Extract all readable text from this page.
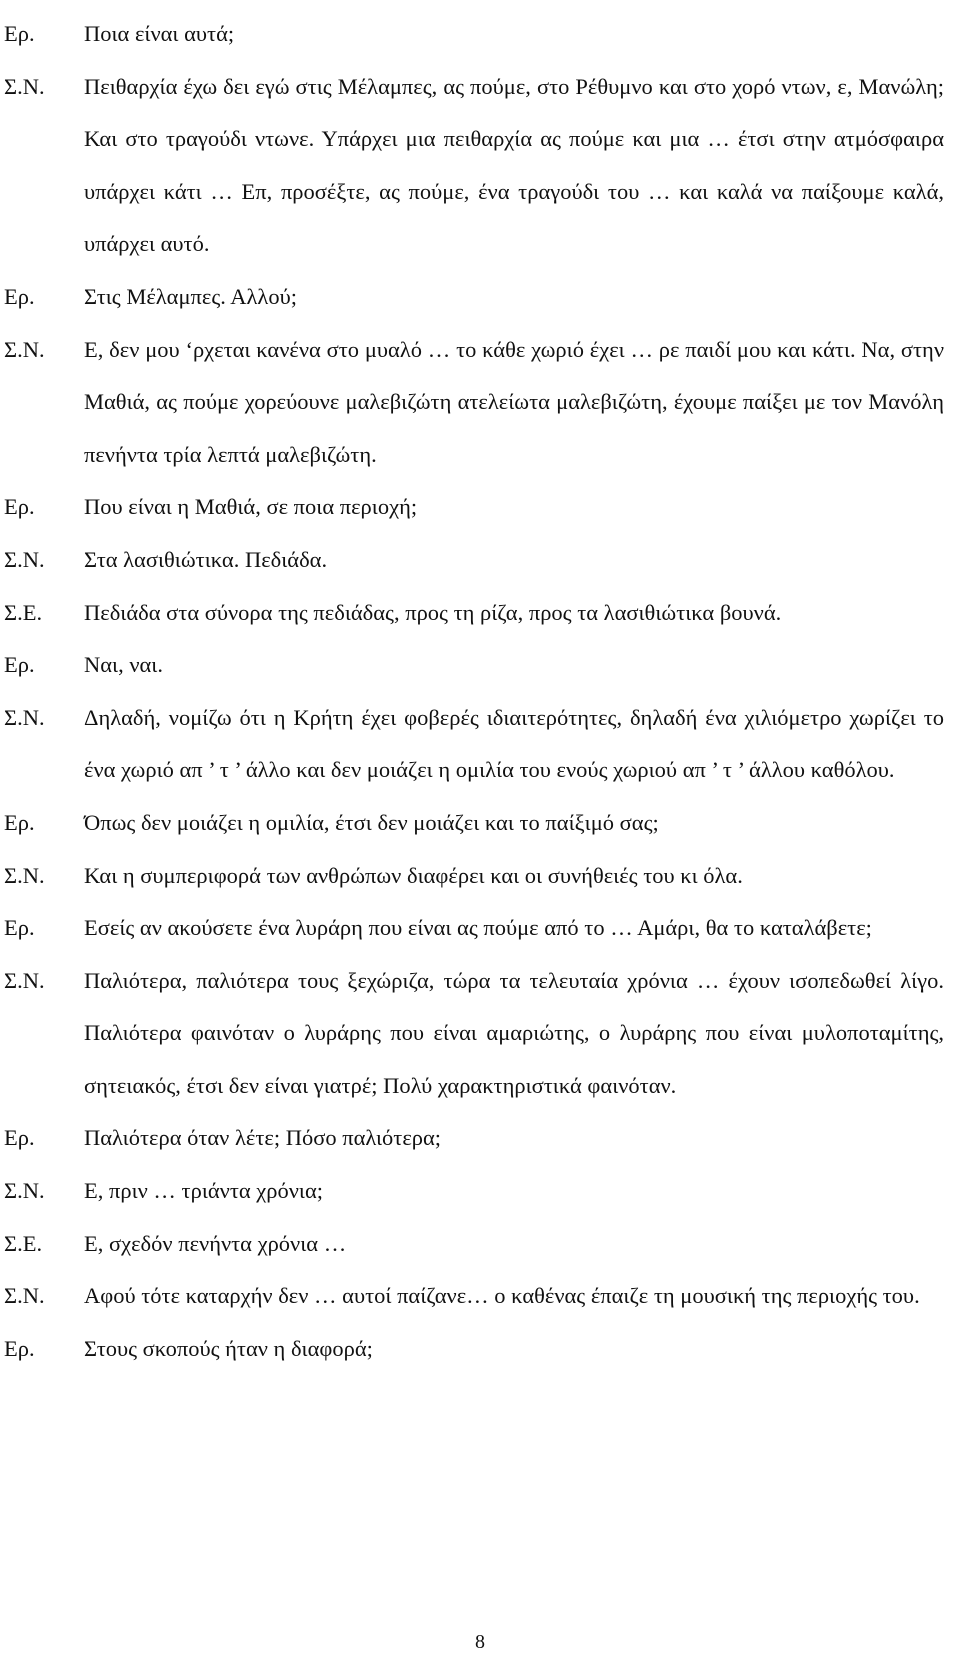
Ερ.	Ποια είναι αυτά;
Σ.Ν.	Πειθαρχία έχω δει εγώ στις Μέλαμπες, ας πούμε, στο Ρέθυμνο και στο χορό ντων, ε, Μανώλη; Και στο τραγούδι ντωνε. Υπάρχει μια πειθαρχία ας πούμε και μια … έτσι στην ατμόσφαιρα υπάρχει κάτι … Επ, προσέξτε, ας πούμε, ένα τραγούδι του … και καλά να παίξουμε καλά, υπάρχει αυτό.
Ερ.	Στις Μέλαμπες. Αλλού;
Σ.Ν.	Ε, δεν μου ‘ρχεται κανένα στο μυαλό … το κάθε χωριό έχει … ρε παιδί μου και κάτι. Να, στην Μαθιά, ας πούμε χορεύουνε μαλεβιζώτη ατελείωτα μαλεβιζώτη, έχουμε παίξει με τον Μανόλη πενήντα τρία λεπτά μαλεβιζώτη.
Ερ.	Που είναι η Μαθιά, σε ποια περιοχή;
Σ.Ν.	Στα λασιθιώτικα. Πεδιάδα.
Σ.Ε.	Πεδιάδα στα σύνορα της πεδιάδας, προς τη ρίζα, προς τα λασιθιώτικα βουνά.
Ερ.	Ναι, ναι.
Σ.Ν.	Δηλαδή, νομίζω ότι η Κρήτη έχει φοβερές ιδιαιτερότητες, δηλαδή ένα χιλιόμετρο χωρίζει το ένα χωριό απ ’ τ ’ άλλο και δεν μοιάζει η ομιλία του ενούς χωριού απ ’ τ ’ άλλου καθόλου.
Ερ.	Όπως δεν μοιάζει η ομιλία, έτσι δεν μοιάζει και το παίξιμό σας;
Σ.Ν.	Και η συμπεριφορά των ανθρώπων διαφέρει και οι συνήθειές του κι όλα.
Ερ.	Εσείς αν ακούσετε ένα λυράρη που είναι ας πούμε από το … Αμάρι, θα το καταλάβετε;
Σ.Ν.	Παλιότερα, παλιότερα τους ξεχώριζα, τώρα τα τελευταία χρόνια … έχουν ισοπεδωθεί λίγο. Παλιότερα φαινόταν ο λυράρης που είναι αμαριώτης, ο λυράρης που είναι μυλοποταμίτης, σητειακός, έτσι δεν είναι γιατρέ; Πολύ χαρακτηριστικά φαινόταν.
Ερ.	Παλιότερα όταν λέτε; Πόσο παλιότερα;
Σ.Ν.	Ε, πριν … τριάντα χρόνια;
Σ.Ε.	Ε, σχεδόν πενήντα χρόνια …
Σ.Ν.	Αφού τότε καταρχήν δεν … αυτοί παίζανε… ο καθένας έπαιζε τη μουσική της περιοχής του.
Ερ.	Στους σκοπούς ήταν η διαφορά;
8
